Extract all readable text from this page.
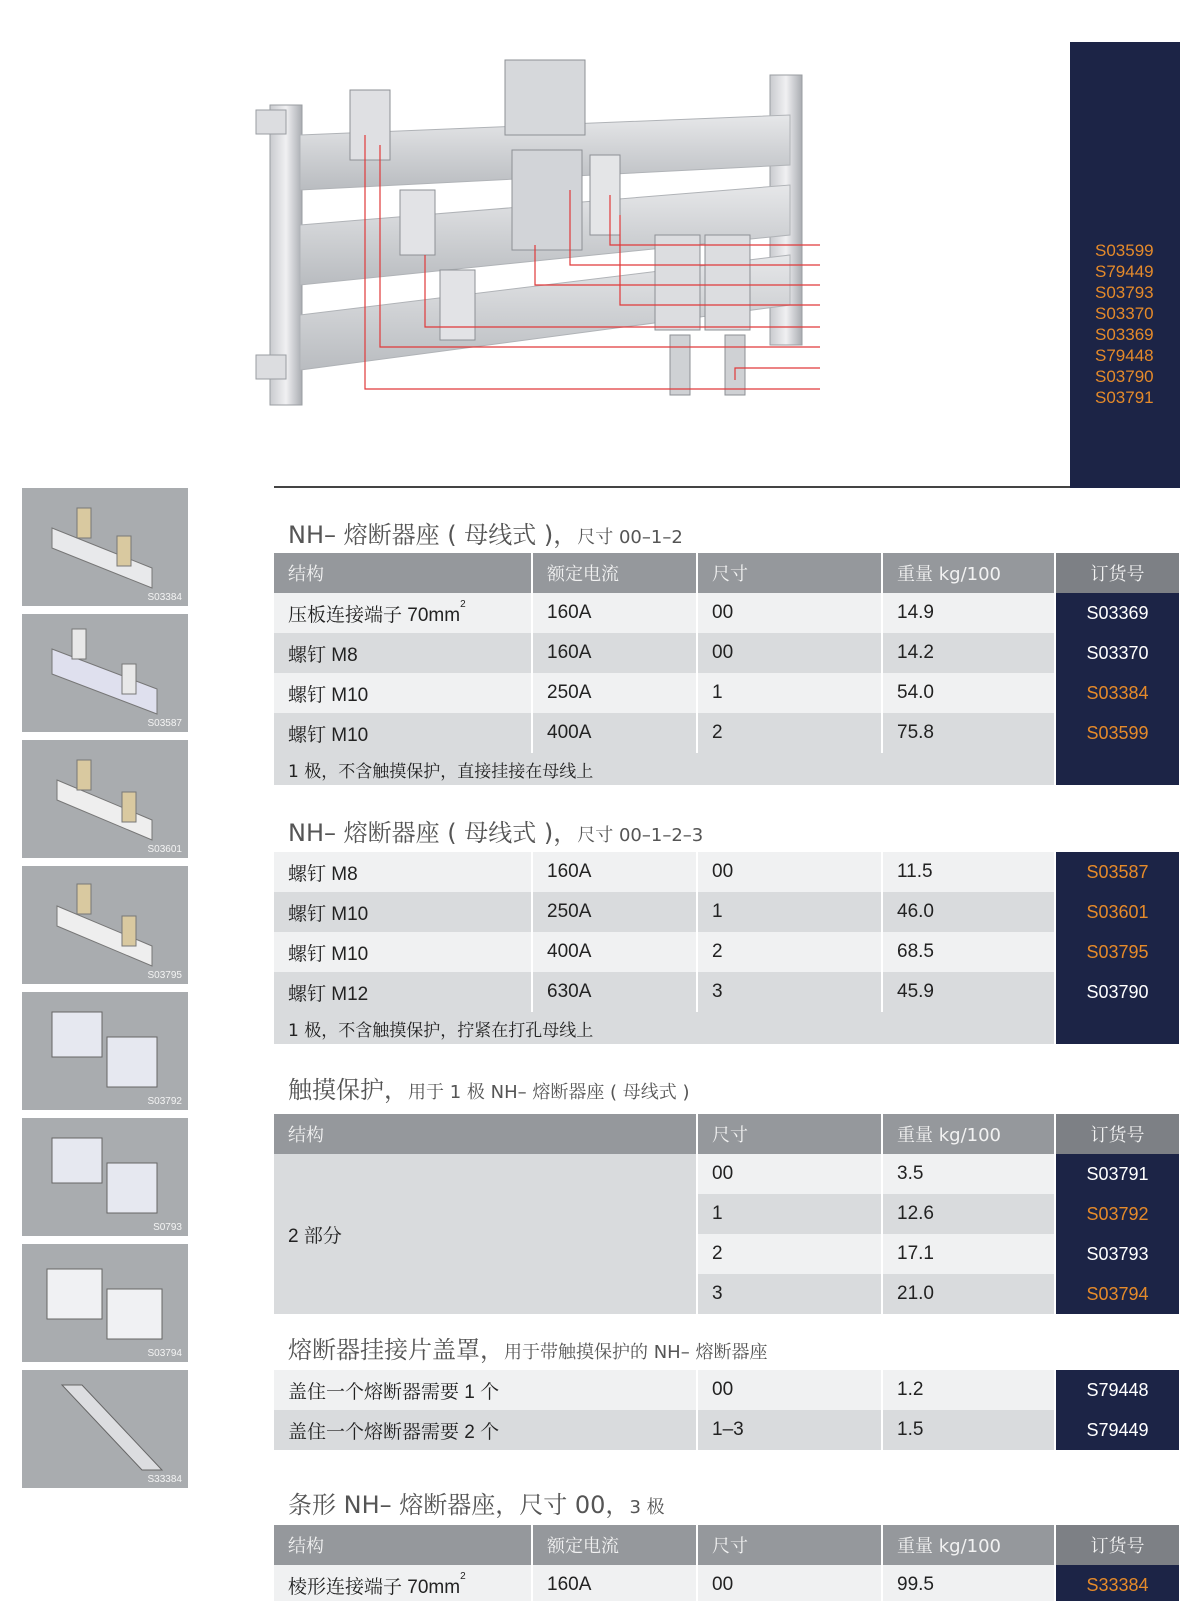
S03599
S79449
S03793
S03370
S03369
S79448
S03790
S03791
S03384
S03587
S03601
S03795
S03792
S0793
S03794
S33384
NH– 熔断器座 ( 母线式 )，尺寸 00–1–2
结构	额定电流	尺寸	重量 kg/100	订货号
压板连接端子 $70mm^2$	160A	00	14.9	S03369
螺钉 M8	160A	00	14.2	S03370
螺钉 M10	250A	1	54.0	S03384
螺钉 M10	400A	2	75.8	S03599
1 极，不含触摸保护，直接挂接在母线上				
NH– 熔断器座 ( 母线式 )，尺寸 00–1–2–3
螺钉 M8	160A	00	11.5	S03587
螺钉 M10	250A	1	46.0	S03601
螺钉 M10	400A	2	68.5	S03795
螺钉 M12	630A	3	45.9	S03790
1 极，不含触摸保护，拧紧在打孔母线上				
触摸保护，用于 1 极 NH– 熔断器座 ( 母线式 )
结构	尺寸	重量 kg/100	订货号
2 部分	00	3.5	S03791
	1	12.6	S03792
	2	17.1	S03793
	3	21.0	S03794
熔断器挂接片盖罩，用于带触摸保护的 NH– 熔断器座
盖住一个熔断器需要 1 个	00	1.2	S79448
盖住一个熔断器需要 2 个	1–3	1.5	S79449
条形 NH– 熔断器座，尺寸 00，3 极
结构	额定电流	尺寸	重量 kg/100	订货号
棱形连接端子 $70mm^2$	160A	00	99.5	S33384
